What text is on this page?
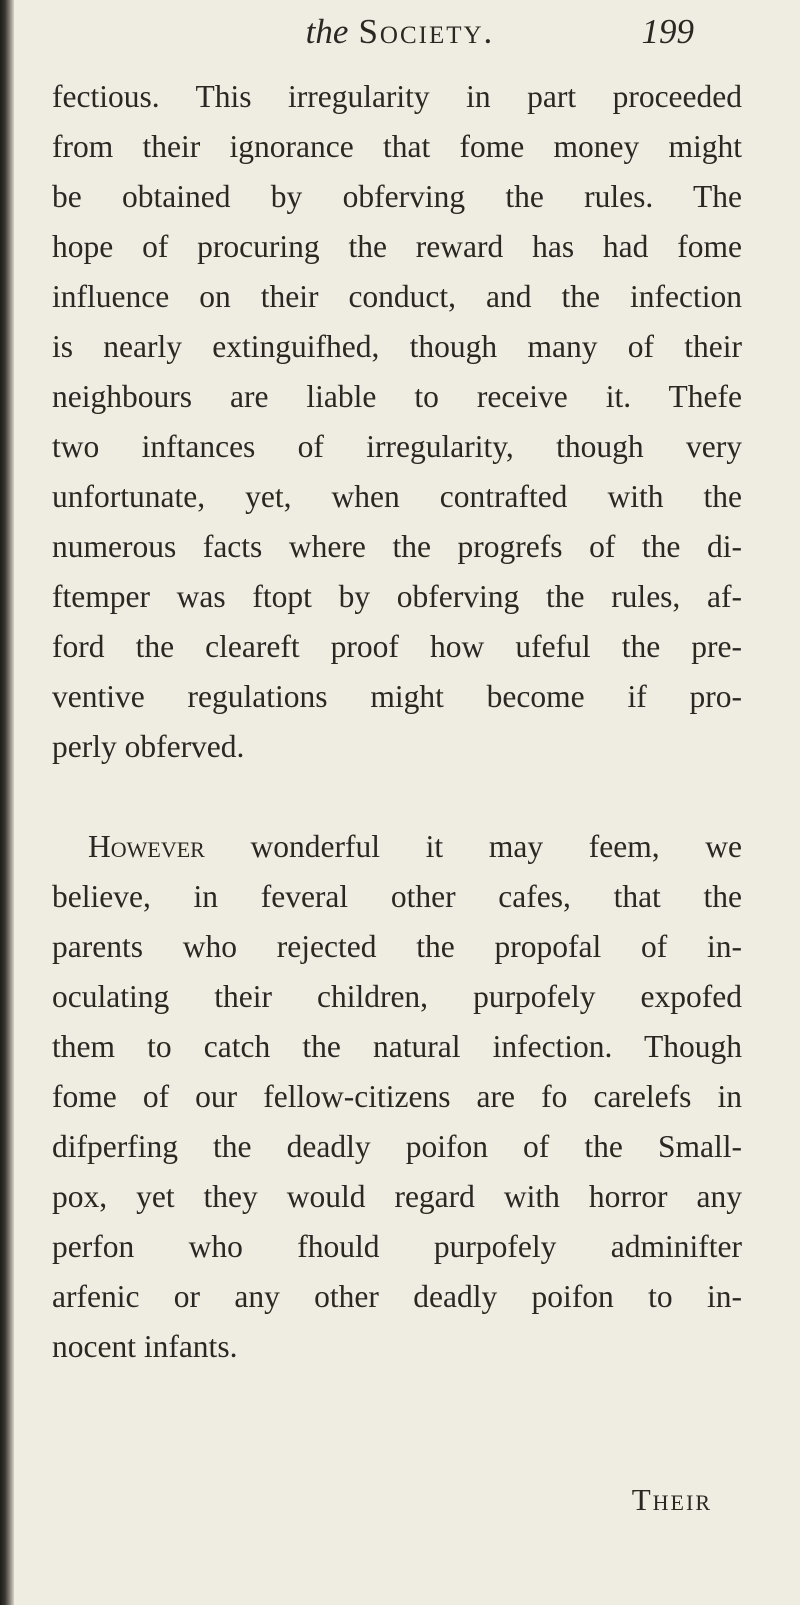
the Society.	199
fectious. This irregularity in part proceeded
from their ignorance that fome money might
be obtained by obferving the rules. The
hope of procuring the reward has had fome
influence on their conduct, and the infection
is nearly extinguifhed, though many of their
neighbours are liable to receive it. Thefe
two inftances of irregularity, though very
unfortunate, yet, when contrafted with the
numerous facts where the progrefs of the di-
ftemper was ftopt by obferving the rules, af-
ford the cleareft proof how ufeful the pre-
ventive regulations might become if pro-
perly obferved.
However wonderful it may feem, we
believe, in feveral other cafes, that the
parents who rejected the propofal of in-
oculating their children, purpofely expofed
them to catch the natural infection. Though
fome of our fellow-citizens are fo carelefs in
difperfing the deadly poifon of the Small-
pox, yet they would regard with horror any
perfon who fhould purpofely adminifter
arfenic or any other deadly poifon to in-
nocent infants.
Their
